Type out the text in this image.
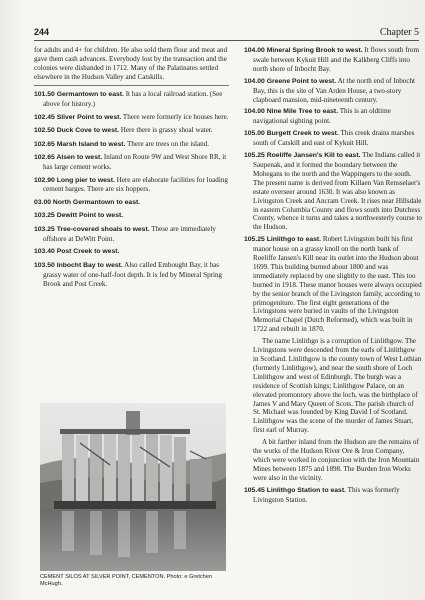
244	Chapter 5
for adults and 4+ for children. He also sold them flour and meat and gave them cash advances. Everybody lost by the transaction and the colonies were disbanded in 1712. Many of the Palatinates settled elsewhere in the Hudson Valley and Catskills.
101.50 Germantown to east. It has a local railroad station. (See above for history.)
102.45 Sliver Point to west. There were formerly ice houses here.
102.50 Duck Cove to west. Here there is grassy shoal water.
102.65 Marsh Island to west. There are trees on the island.
102.65 Alsen to west. Inland on Route 9W and West Shore RR, it has large cement works.
102.90 Long pier to west. Here are elaborate facilities for loading cement barges. There are six hoppers.
03.00 North Germantown to east.
103.25 Dewitt Point to west.
103.25 Tree-covered shoals to west. These are immediately offshore at DeWitt Point.
103.40 Post Creek to west.
103.50 Inbocht Bay to west. Also called Embought Bay, it has grassy water of one-half-foot depth. It is fed by Mineral Spring Brook and Post Creek.

104.00 Mineral Spring Brook to west. It flows south from swale between Kykuit Hill and the Kalkberg Cliffs into north shore of Inbocht Bay.

104.00 Greene Point to west. At the north end of Inbocht Bay, this is the site of Van Arden House, a two-story clapboard mansion, mid-nineteenth century.

104.00 Nine Mile Tree to east. This is an oldtime navigational sighting point.

105.00 Burgett Creek to west. This creek drains marshes south of Catskill and east of Kykuit Hill.

105.25 Roeliffe Jansen's Kill to east. The Indians called it Saupenak, and it formed the boundary between the Mohegans to the north and the Wappingers to the south. The present name is derived from Killaen Van Rensselaer's estate overseer around 1630. It was also known as Livingston Creek and Ancram Creek. It rises near Hillsdale in eastern Columbia County and flows south into Dutchess County, whence it turns and takes a northwesterly course to the Hudson.

105.25 Linlithgo to east. Robert Livingston built his first manor house on a grassy knoll on the north bank of Roeliffe Jansen's Kill near its outlet into the Hudson about 1699. This building burned about 1800 and was immediately replaced by one slightly to the east. This too burned in 1918. These manor houses were always occupied by the senior branch of the Livingston family, according to primogeniture. The first eight generations of the Livingstons were buried in vaults of the Livingston Memorial Chapel (Dutch Reformed), which was built in 1722 and rebuilt in 1870.

The name Linlithgo is a corruption of Linlithgow. The Livingstons were descended from the earls of Linlithgow in Scotland. Linlithgow is the county town of West Lothian (formerly Linlithgow), and near the south shore of Loch Linlithgow and west of Edinburgh. The burgh was a residence of Scottish kings; Linlithgow Palace, on an elevated promontory above the loch, was the birthplace of James V and Mary Queen of Scots. The parish church of St. Michael was founded by King David I of Scotland. Linlithgow was the scene of the murder of James Stuart, first earl of Murray.

A bit farther inland from the Hudson are the remains of the works of the Hudson River Ore & Iron Company, which were worked in conjunction with the Iron Mountain Mines between 1875 and 1898. The Burden Iron Works were also in the vicinity.

105.45 Linlithgo Station to east. This was formerly Livingston Station.

CEMENT SILOS AT SILVER POINT, CEMENTON. Photo: e Gretchen McHugh.
